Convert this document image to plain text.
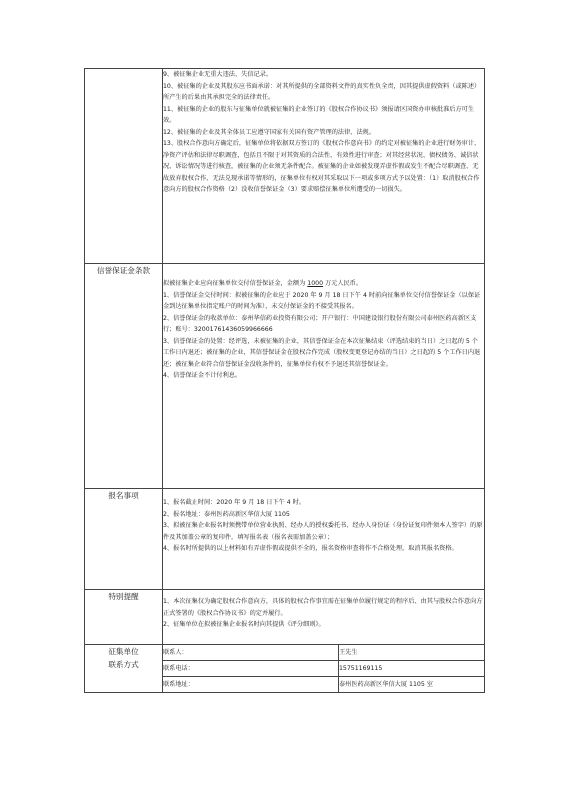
9、被征集企业无重大违法、失信记录。

10、被征集的企业及其股东应书面承诺：对其所提供的全部资料文件的真实性负全责，因其提供虚假资料（或陈述）所产生的后果由其承担完全的法律责任。

11、被征集的企业的股东与征集单位就被征集的企业签订的《股权合作协议书》须报请区国资办审核批准后方可生效。

12、被征集的企业及其全体员工应遵守国家有关国有资产管理的法律、法规。

13、股权合作意向方确定后，征集单位将依据双方签订的《股权合作意向书》的约定对被征集的企业进行财务审计、净资产评估和法律尽职调查，包括且不限于对其资质的合法性、有效性进行审查；对其经营状况、债权债务、诚信状况、诉讼情况等进行核查，被征集的企业须无条件配合。被征集的企业如被发现弄虚作假或发生不配合尽职调查、无故放弃股权合作、无法兑现承诺等情形的，征集单位有权对其采取以下一项或多项方式予以处置：（1）取消股权合作意向方的股权合作资格（2）没收信誉保证金（3）要求赔偿征集单位所遭受的一切损失。

信誉保证金条款	

拟被征集企业应向征集单位交付信誉保证金，金额为 1000 万元人民币。

1、信誉保证金交付时间：拟被征集的企业应于 2020 年 9 月 18 日下午 4 时前向征集单位交付信誉保证金（以保证金到达征集单位指定账户的时间为准），未交付保证金的不接受其报名。

2、信誉保证金的收款单位：泰州华信药业投资有限公司；开户银行：中国建设银行股份有限公司泰州医药高新区支行；账号：32001761436059966666

3、信誉保证金的处置：经评选，未被征集的企业，其信誉保证金在本次征集结束（评选结束的当日）之日起的 5 个工作日内退还；被征集的企业，其信誉保证金在股权合作完成（股权变更登记办结的当日）之日起的 5 个工作日内退还；被征集企业符合信誉保证金没收条件的，征集单位有权不予退还其信誉保证金。

4、信誉保证金不计付利息。

报名事项	

1、报名截止时间：2020 年 9 月 18 日下午 4 时。

2、报名地址：泰州医药高新区华信大厦 1105

3、拟被征集企业报名时须携带单位营业执照、经办人的授权委托书、经办人身份证（身份证复印件须本人签字）的原件及其加盖公章的复印件，填写报名表（报名表需加盖公章）；

4、报名时所提供的以上材料如有弄虚作假或提供不全的，报名资格审查将作不合格处理，取消其报名资格。

特别提醒	

1、本次征集仅为确定股权合作意向方，具体的股权合作事宜需在征集单位履行规定的程序后、由其与股权合作意向方正式签署的《股权合作协议书》的定并履行。

2、征集单位在拟被征集企业报名时向其提供《评分细则》。

征集单位
联系方式

联系人：	王先生
联系电话：	15751169115
联系地址：	泰州医药高新区华信大厦 1105 室
